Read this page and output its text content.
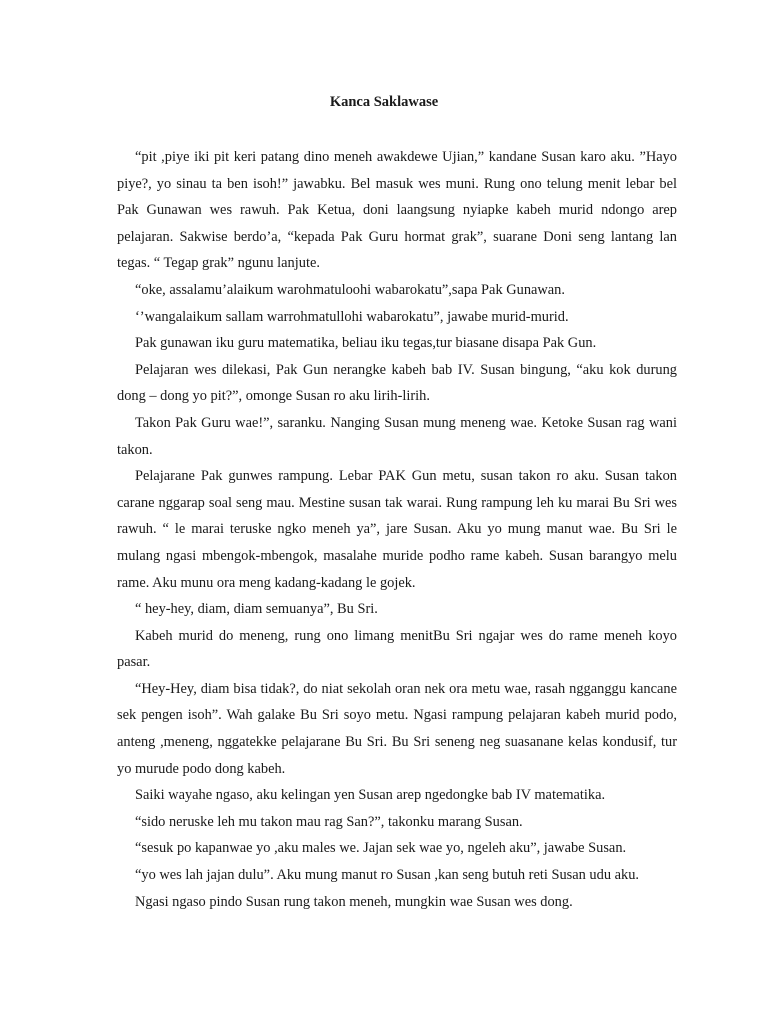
Kanca Saklawase

“pit ,piye iki pit keri patang dino meneh awakdewe Ujian,” kandane Susan karo aku. ”Hayo piye?, yo sinau ta ben isoh!” jawabku. Bel masuk wes muni. Rung ono telung menit lebar bel Pak Gunawan wes rawuh. Pak Ketua, doni laangsung nyiapke kabeh murid ndongo arep pelajaran. Sakwise berdo’a, “kepada Pak Guru hormat grak”, suarane Doni seng lantang lan tegas. “ Tegap grak” ngunu lanjute.

“oke, assalamu’alaikum warohmatuloohi wabarokatu”,sapa Pak Gunawan.

‘’wangalaikum sallam warrohmatullohi wabarokatu”, jawabe murid-murid.

Pak gunawan iku guru matematika, beliau iku tegas,tur biasane disapa Pak Gun.

Pelajaran wes dilekasi, Pak Gun nerangke kabeh bab IV. Susan bingung, “aku kok durung dong – dong yo pit?”, omonge Susan ro aku lirih-lirih.

Takon Pak Guru wae!”, saranku. Nanging Susan mung meneng wae. Ketoke Susan rag wani takon.

Pelajarane Pak gunwes rampung. Lebar PAK Gun metu, susan takon ro aku. Susan takon carane nggarap soal seng mau. Mestine susan tak warai. Rung rampung leh ku marai Bu Sri wes rawuh. “ le marai teruske ngko meneh ya”, jare Susan. Aku yo mung manut wae. Bu Sri le mulang ngasi mbengok-mbengok, masalahe muride podho rame kabeh. Susan barangyo melu rame. Aku munu ora meng kadang-kadang le gojek.

“ hey-hey, diam, diam semuanya”, Bu Sri.

Kabeh murid do meneng, rung ono limang menitBu Sri ngajar wes do rame meneh koyo pasar.

“Hey-Hey, diam bisa tidak?, do niat sekolah oran nek ora metu wae, rasah ngganggu kancane sek pengen isoh”. Wah galake Bu Sri soyo metu. Ngasi rampung pelajaran kabeh murid podo, anteng ,meneng, nggatekke pelajarane Bu Sri. Bu Sri seneng neg suasanane kelas kondusif, tur yo murude podo dong kabeh.

Saiki wayahe ngaso, aku kelingan yen Susan arep ngedongke bab IV matematika.

“sido neruske leh mu takon mau rag San?”, takonku marang Susan.

“sesuk po kapanwae yo ,aku males we. Jajan sek wae yo, ngeleh aku”, jawabe Susan.

“yo wes lah jajan dulu”. Aku mung manut ro Susan ,kan seng butuh reti Susan udu aku.

Ngasi ngaso pindo Susan rung takon meneh, mungkin wae Susan wes dong.
